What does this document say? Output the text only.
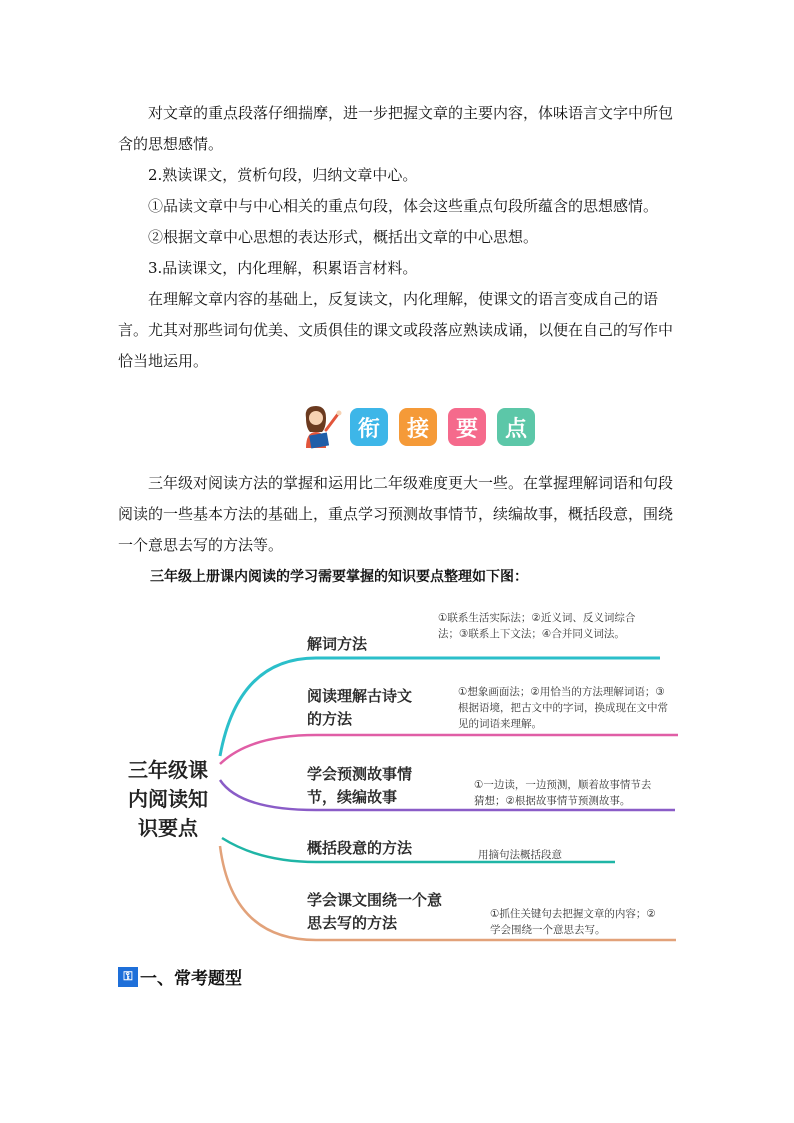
对文章的重点段落仔细揣摩，进一步把握文章的主要内容，体味语言文字中所包含的思想感情。

2.熟读课文，赏析句段，归纳文章中心。

①品读文章中与中心相关的重点句段，体会这些重点句段所蕴含的思想感情。

②根据文章中心思想的表达形式，概括出文章的中心思想。

3.品读课文，内化理解，积累语言材料。

在理解文章内容的基础上，反复读文，内化理解，使课文的语言变成自己的语言。尤其对那些词句优美、文质俱佳的课文或段落应熟读成诵，以便在自己的写作中恰当地运用。

衔 接 要 点

三年级对阅读方法的掌握和运用比二年级难度更大一些。在掌握理解词语和句段阅读的一些基本方法的基础上，重点学习预测故事情节，续编故事，概括段意，围绕一个意思去写的方法等。

三年级上册课内阅读的学习需要掌握的知识要点整理如下图：
三年级课内阅读知识要点
解词方法
①联系生活实际法；②近义词、反义词综合法；③联系上下文法；④合并同义词法。
阅读理解古诗文的方法
①想象画面法；②用恰当的方法理解词语；③根据语境，把古文中的字词，换成现在文中常见的词语来理解。
学会预测故事情节，续编故事
①一边读，一边预测，顺着故事情节去猜想；②根据故事情节预测故事。
概括段意的方法	用摘句法概括段意
学会课文围绕一个意思去写的方法	①抓住关键句去把握文章的内容；②学会围绕一个意思去写。
⚿ 一、常考题型
